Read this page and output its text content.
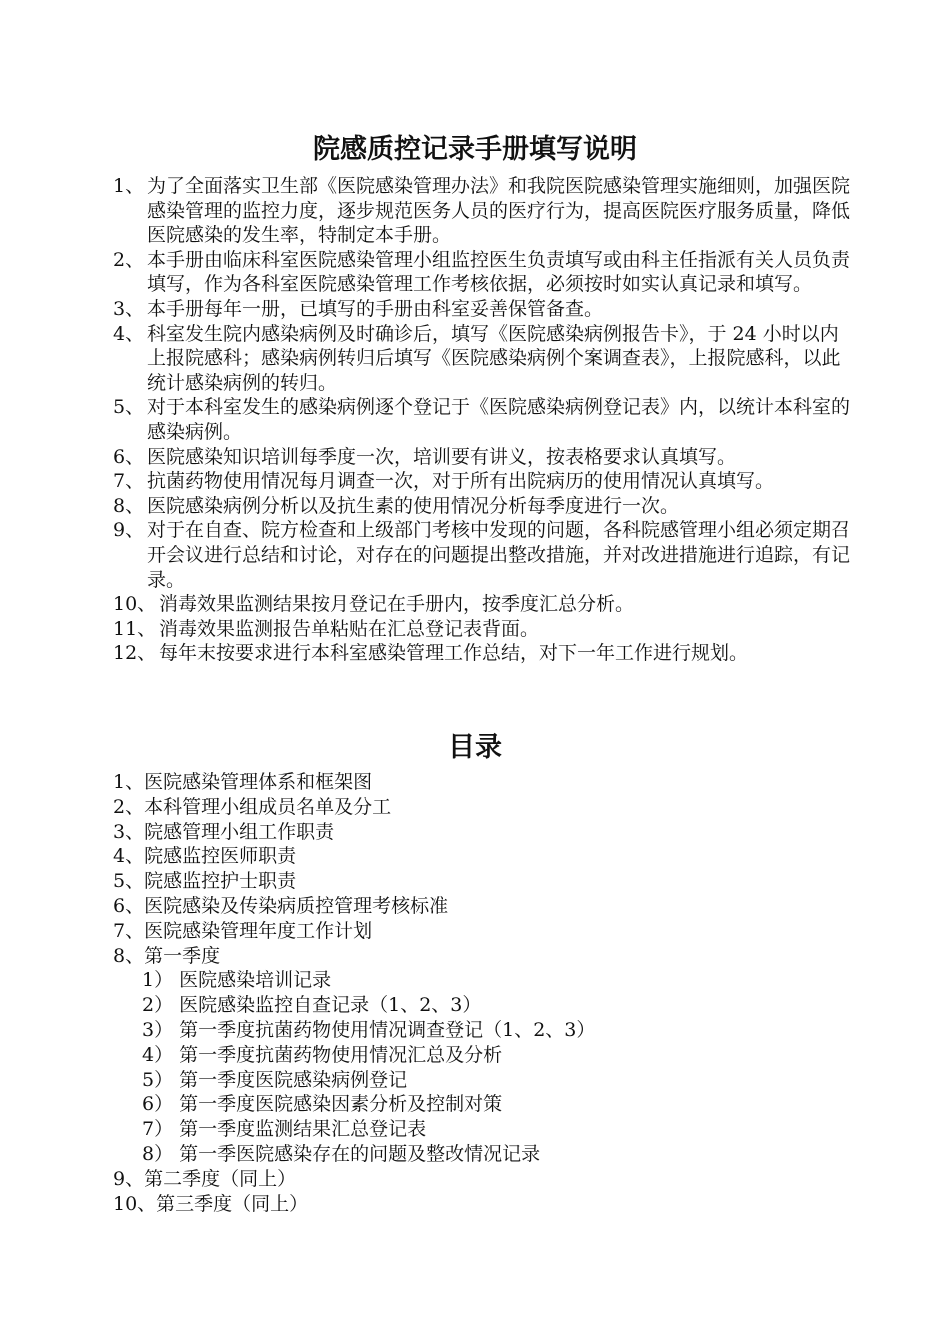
院感质控记录手册填写说明
1、 为了全面落实卫生部《医院感染管理办法》和我院医院感染管理实施细则，加强医院感染管理的监控力度，逐步规范医务人员的医疗行为，提高医院医疗服务质量，降低医院感染的发生率，特制定本手册。
2、 本手册由临床科室医院感染管理小组监控医生负责填写或由科主任指派有关人员负责填写，作为各科室医院感染管理工作考核依据，必须按时如实认真记录和填写。
3、 本手册每年一册，已填写的手册由科室妥善保管备查。
4、 科室发生院内感染病例及时确诊后，填写《医院感染病例报告卡》，于 24 小时以内上报院感科；感染病例转归后填写《医院感染病例个案调查表》，上报院感科，以此统计感染病例的转归。
5、 对于本科室发生的感染病例逐个登记于《医院感染病例登记表》内，以统计本科室的感染病例。
6、 医院感染知识培训每季度一次，培训要有讲义，按表格要求认真填写。
7、 抗菌药物使用情况每月调查一次，对于所有出院病历的使用情况认真填写。
8、 医院感染病例分析以及抗生素的使用情况分析每季度进行一次。
9、 对于在自查、院方检查和上级部门考核中发现的问题，各科院感管理小组必须定期召开会议进行总结和讨论，对存在的问题提出整改措施，并对改进措施进行追踪，有记录。
10、 消毒效果监测结果按月登记在手册内，按季度汇总分析。
11、 消毒效果监测报告单粘贴在汇总登记表背面。
12、 每年末按要求进行本科室感染管理工作总结，对下一年工作进行规划。
目录
1、医院感染管理体系和框架图
2、本科管理小组成员名单及分工
3、院感管理小组工作职责
4、院感监控医师职责
5、院感监控护士职责
6、医院感染及传染病质控管理考核标准
7、医院感染管理年度工作计划
8、第一季度
1） 医院感染培训记录
2） 医院感染监控自查记录（1、2、3）
3） 第一季度抗菌药物使用情况调查登记（1、2、3）
4） 第一季度抗菌药物使用情况汇总及分析
5） 第一季度医院感染病例登记
6） 第一季度医院感染因素分析及控制对策
7） 第一季度监测结果汇总登记表
8） 第一季医院感染存在的问题及整改情况记录
9、第二季度（同上）
10、第三季度（同上）
